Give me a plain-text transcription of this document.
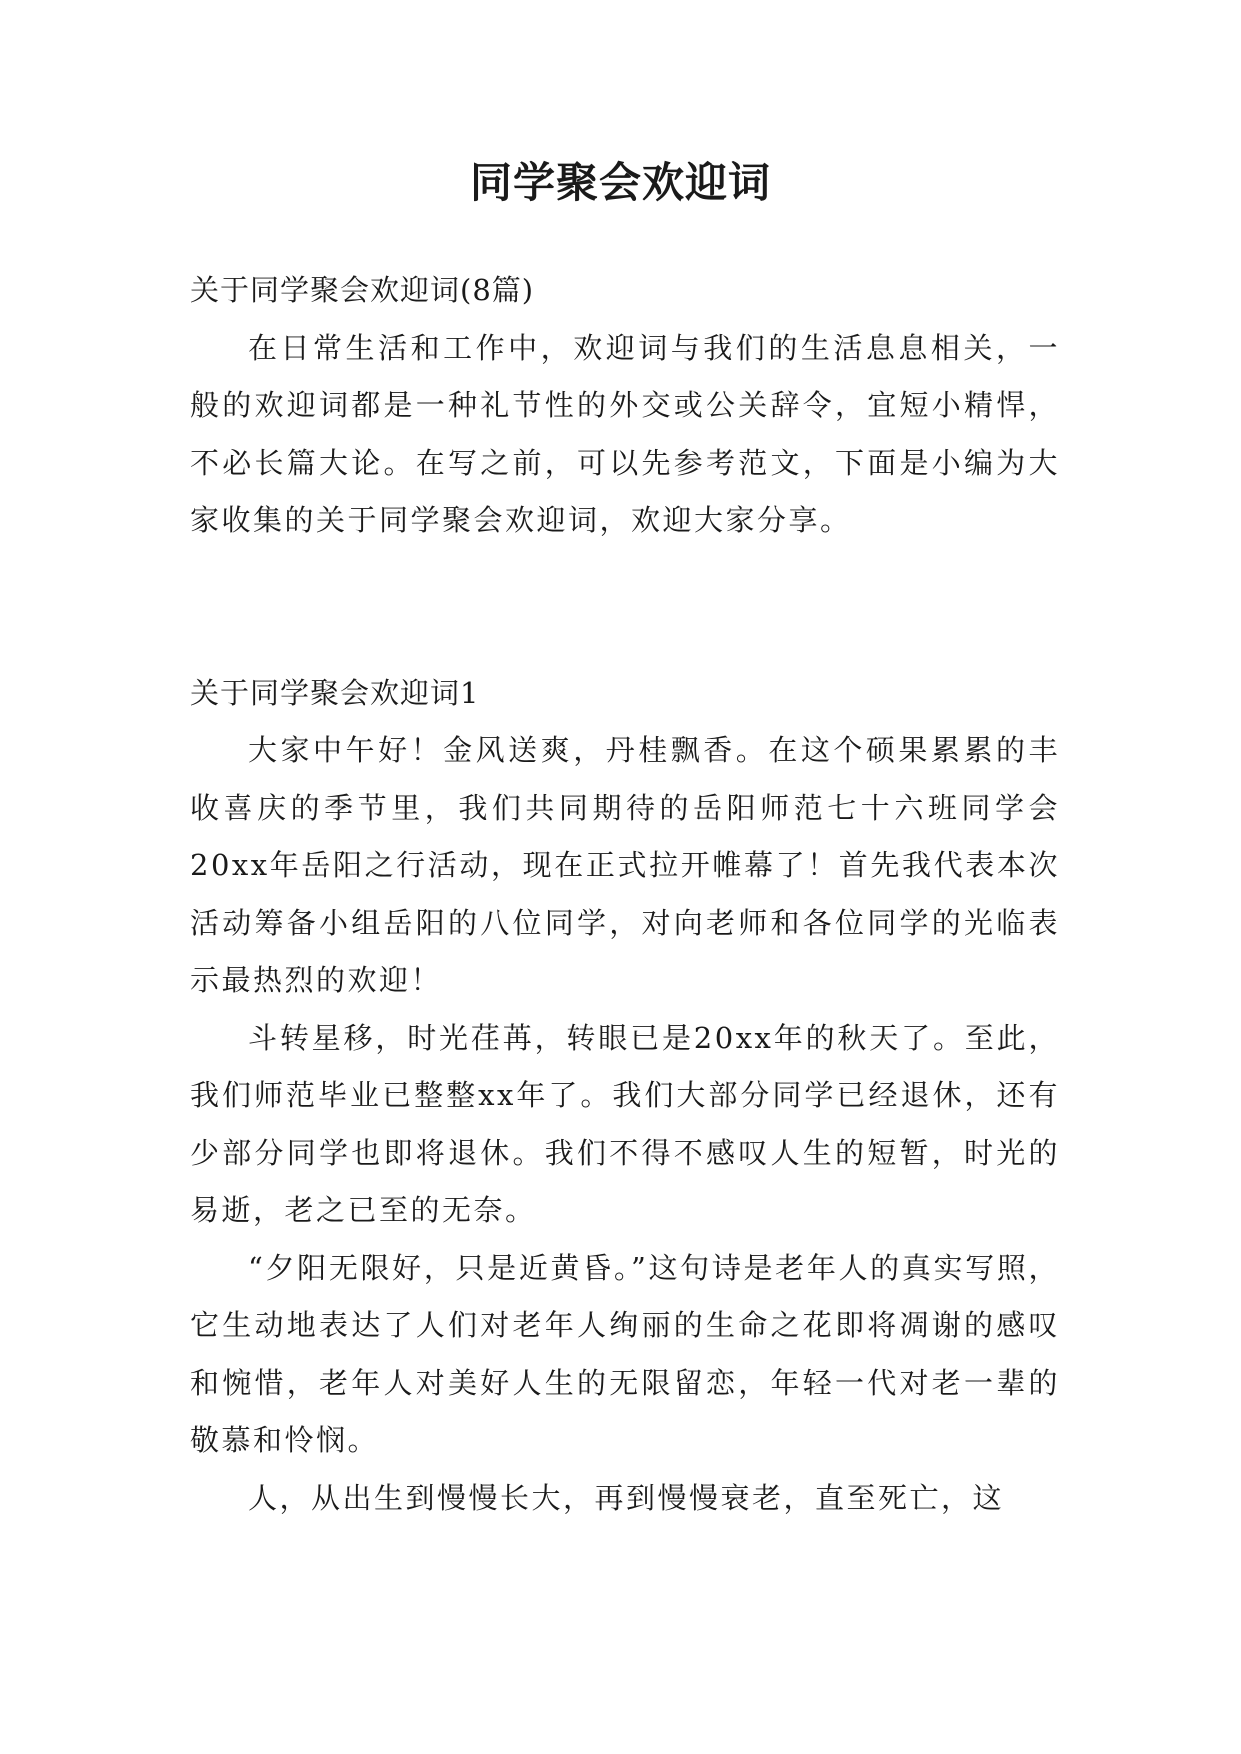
同学聚会欢迎词

关于同学聚会欢迎词(8篇)

在日常生活和工作中，欢迎词与我们的生活息息相关，一般的欢迎词都是一种礼节性的外交或公关辞令，宜短小精悍，不必长篇大论。在写之前，可以先参考范文，下面是小编为大家收集的关于同学聚会欢迎词，欢迎大家分享。

关于同学聚会欢迎词1

大家中午好！金风送爽，丹桂飘香。在这个硕果累累的丰收喜庆的季节里，我们共同期待的岳阳师范七十六班同学会20xx年岳阳之行活动，现在正式拉开帷幕了！首先我代表本次活动筹备小组岳阳的八位同学，对向老师和各位同学的光临表示最热烈的欢迎！

斗转星移，时光荏苒，转眼已是20xx年的秋天了。至此，我们师范毕业已整整xx年了。我们大部分同学已经退休，还有少部分同学也即将退休。我们不得不感叹人生的短暂，时光的易逝，老之已至的无奈。

“夕阳无限好，只是近黄昏。”这句诗是老年人的真实写照，它生动地表达了人们对老年人绚丽的生命之花即将凋谢的感叹和惋惜，老年人对美好人生的无限留恋，年轻一代对老一辈的敬慕和怜悯。

人，从出生到慢慢长大，再到慢慢衰老，直至死亡，这
